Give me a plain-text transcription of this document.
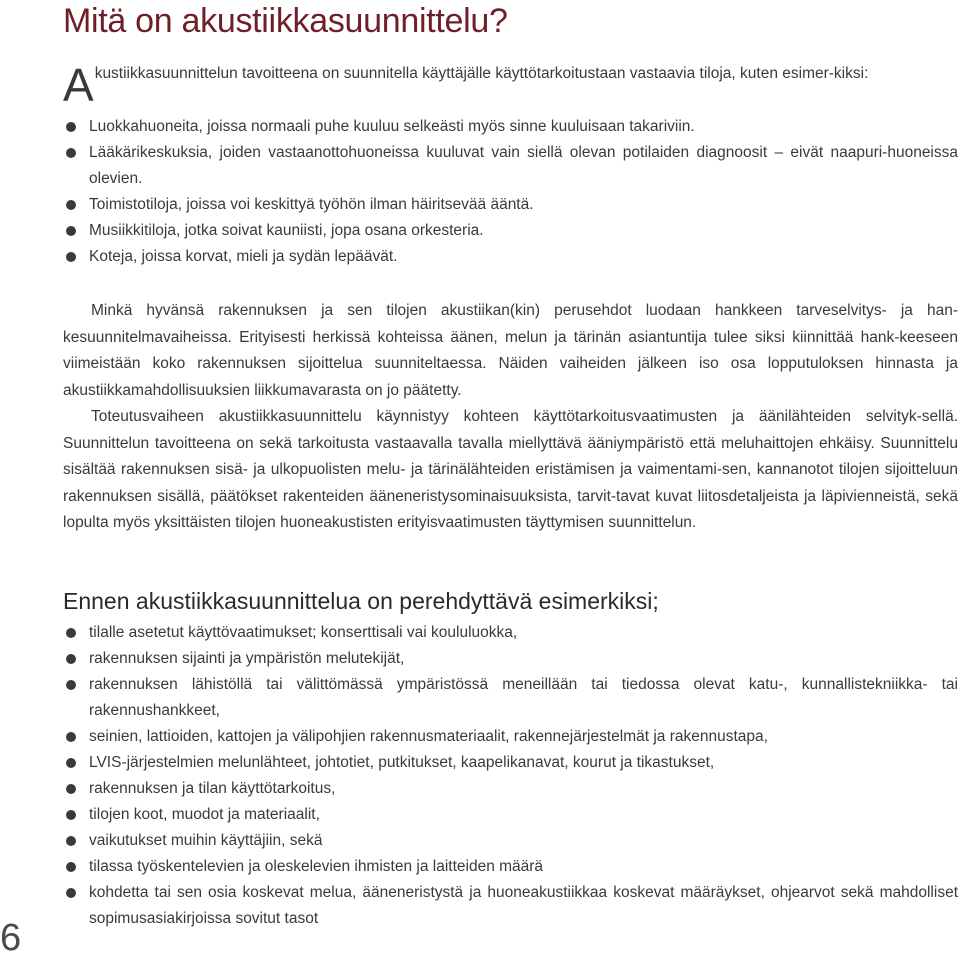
Mitä on akustiikkasuunnittelu?

Akustiikkasuunnittelun tavoitteena on suunnitella käyttäjälle käyttötarkoitustaan vastaavia tiloja, kuten esimer-kiksi:

Luokkahuoneita, joissa normaali puhe kuuluu selkeästi myös sinne kuuluisaan takariviin.
Lääkärikeskuksia, joiden vastaanottohuoneissa kuuluvat vain siellä olevan potilaiden diagnoosit – eivät naapuri-huoneissa olevien.
Toimistotiloja, joissa voi keskittyä työhön ilman häiritsevää ääntä.
Musiikkitiloja, jotka soivat kauniisti, jopa osana orkesteria.
Koteja, joissa korvat, mieli ja sydän lepäävät.

Minkä hyvänsä rakennuksen ja sen tilojen akustiikan(kin) perusehdot luodaan hankkeen tarveselvitys- ja han-kesuunnitelmavaiheissa. Erityisesti herkissä kohteissa äänen, melun ja tärinän asiantuntija tulee siksi kiinnittää hank-keeseen viimeistään koko rakennuksen sijoittelua suunniteltaessa. Näiden vaiheiden jälkeen iso osa lopputuloksen hinnasta ja akustiikkamahdollisuuksien liikkumavarasta on jo päätetty.

Toteutusvaiheen akustiikkasuunnittelu käynnistyy kohteen käyttötarkoitusvaatimusten ja äänilähteiden selvityk-sellä. Suunnittelun tavoitteena on sekä tarkoitusta vastaavalla tavalla miellyttävä ääniympäristö että meluhaittojen ehkäisy. Suunnittelu sisältää rakennuksen sisä- ja ulkopuolisten melu- ja tärinälähteiden eristämisen ja vaimentami-sen, kannanotot tilojen sijoitteluun rakennuksen sisällä, päätökset rakenteiden ääneneristysominaisuuksista, tarvit-tavat kuvat liitosdetaljeista ja läpivienneistä, sekä lopulta myös yksittäisten tilojen huoneakustisten erityisvaatimusten täyttymisen suunnittelun.

Ennen akustiikkasuunnittelua on perehdyttävä esimerkiksi;
tilalle asetetut käyttövaatimukset; konserttisali vai koululuokka,
rakennuksen sijainti ja ympäristön melutekijät,
rakennuksen lähistöllä tai välittömässä ympäristössä meneillään tai tiedossa olevat katu-, kunnallistekniikka- tai rakennushankkeet,
seinien, lattioiden, kattojen ja välipohjien rakennusmateriaalit, rakennejärjestelmät ja rakennustapa,
LVIS-järjestelmien melunlähteet, johtotiet, putkitukset, kaapelikanavat, kourut ja tikastukset,
rakennuksen ja tilan käyttötarkoitus,
tilojen koot, muodot ja materiaalit,
vaikutukset muihin käyttäjiin, sekä
tilassa työskentelevien ja oleskelevien ihmisten ja laitteiden määrä
kohdetta tai sen osia koskevat melua, ääneneristystä ja huoneakustiikkaa koskevat määräykset, ohjearvot sekä mahdolliset sopimusasiakirjoissa sovitut tasot
6
